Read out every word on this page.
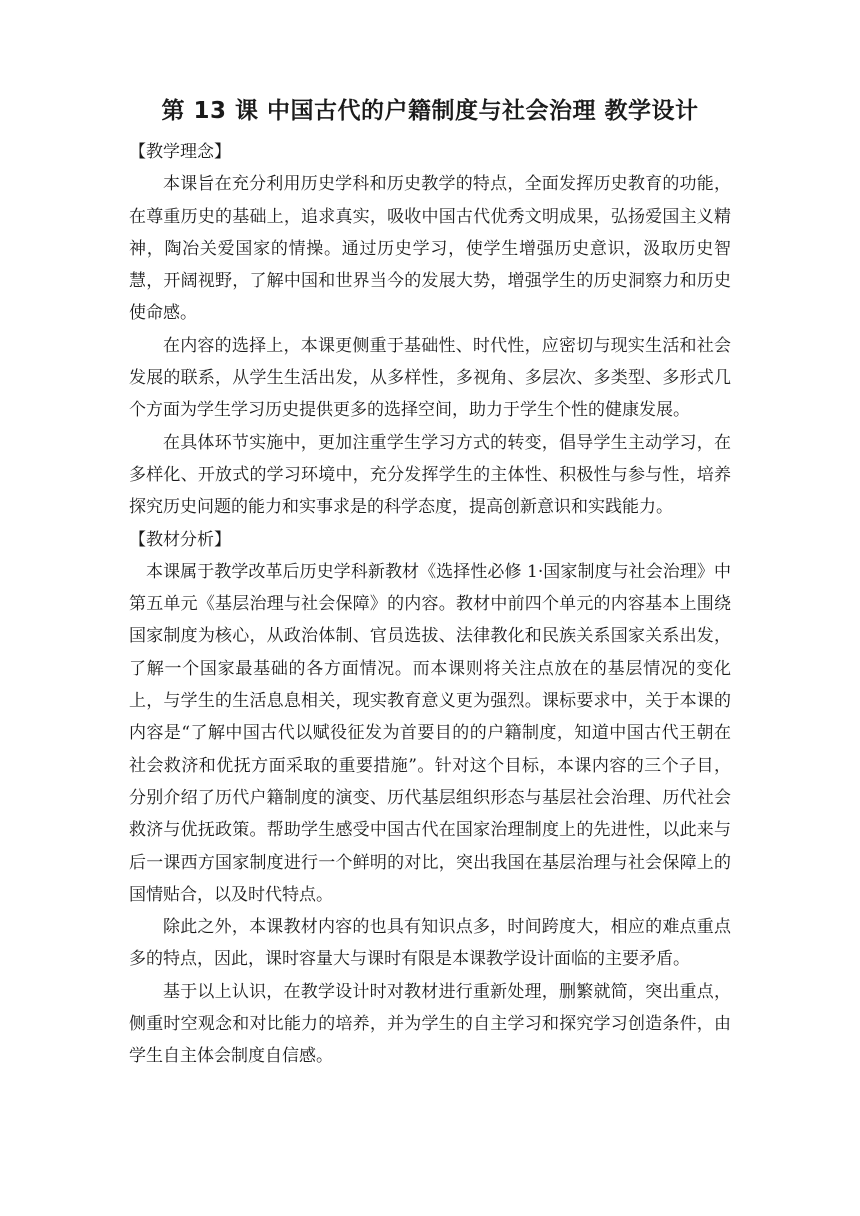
第 13 课 中国古代的户籍制度与社会治理 教学设计

【教学理念】

本课旨在充分利用历史学科和历史教学的特点，全面发挥历史教育的功能，在尊重历史的基础上，追求真实，吸收中国古代优秀文明成果，弘扬爱国主义精神，陶冶关爱国家的情操。通过历史学习，使学生增强历史意识，汲取历史智慧，开阔视野，了解中国和世界当今的发展大势，增强学生的历史洞察力和历史使命感。

在内容的选择上，本课更侧重于基础性、时代性，应密切与现实生活和社会发展的联系，从学生生活出发，从多样性，多视角、多层次、多类型、多形式几个方面为学生学习历史提供更多的选择空间，助力于学生个性的健康发展。

在具体环节实施中，更加注重学生学习方式的转变，倡导学生主动学习，在多样化、开放式的学习环境中，充分发挥学生的主体性、积极性与参与性，培养探究历史问题的能力和实事求是的科学态度，提高创新意识和实践能力。

【教材分析】

本课属于教学改革后历史学科新教材《选择性必修 1·国家制度与社会治理》中第五单元《基层治理与社会保障》的内容。教材中前四个单元的内容基本上围绕国家制度为核心，从政治体制、官员选拔、法律教化和民族关系国家关系出发，了解一个国家最基础的各方面情况。而本课则将关注点放在的基层情况的变化上，与学生的生活息息相关，现实教育意义更为强烈。课标要求中，关于本课的内容是“了解中国古代以赋役征发为首要目的的户籍制度，知道中国古代王朝在社会救济和优抚方面采取的重要措施”。针对这个目标，本课内容的三个子目，分别介绍了历代户籍制度的演变、历代基层组织形态与基层社会治理、历代社会救济与优抚政策。帮助学生感受中国古代在国家治理制度上的先进性，以此来与后一课西方国家制度进行一个鲜明的对比，突出我国在基层治理与社会保障上的国情贴合，以及时代特点。

除此之外，本课教材内容的也具有知识点多，时间跨度大，相应的难点重点多的特点，因此，课时容量大与课时有限是本课教学设计面临的主要矛盾。

基于以上认识，在教学设计时对教材进行重新处理，删繁就简，突出重点，侧重时空观念和对比能力的培养，并为学生的自主学习和探究学习创造条件，由学生自主体会制度自信感。
